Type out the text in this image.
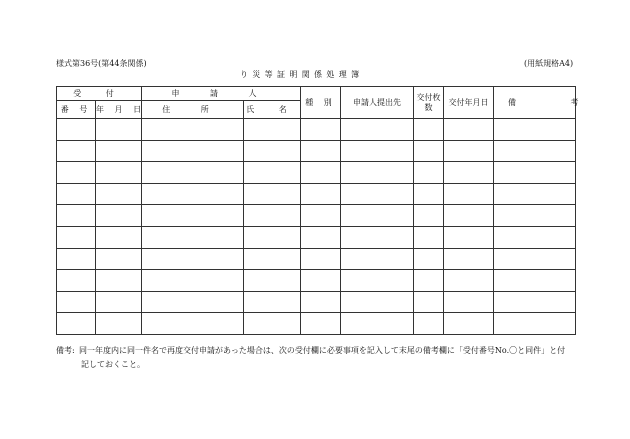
様式第36号(第44条関係)	(用紙規格A4)
り 災 等 証 明 関 係 処 理 簿
受 付		申 請 人		種 別	申請人提出先	交付枚数	交付年月日	備 考
番 号	年 月 日	住 所	氏 名					

備考: 同一年度内に同一件名で再度交付申請があった場合は、次の受付欄に必要事項を記入して末尾の備考欄に「受付番号No.〇と同件」と付
記しておくこと。
